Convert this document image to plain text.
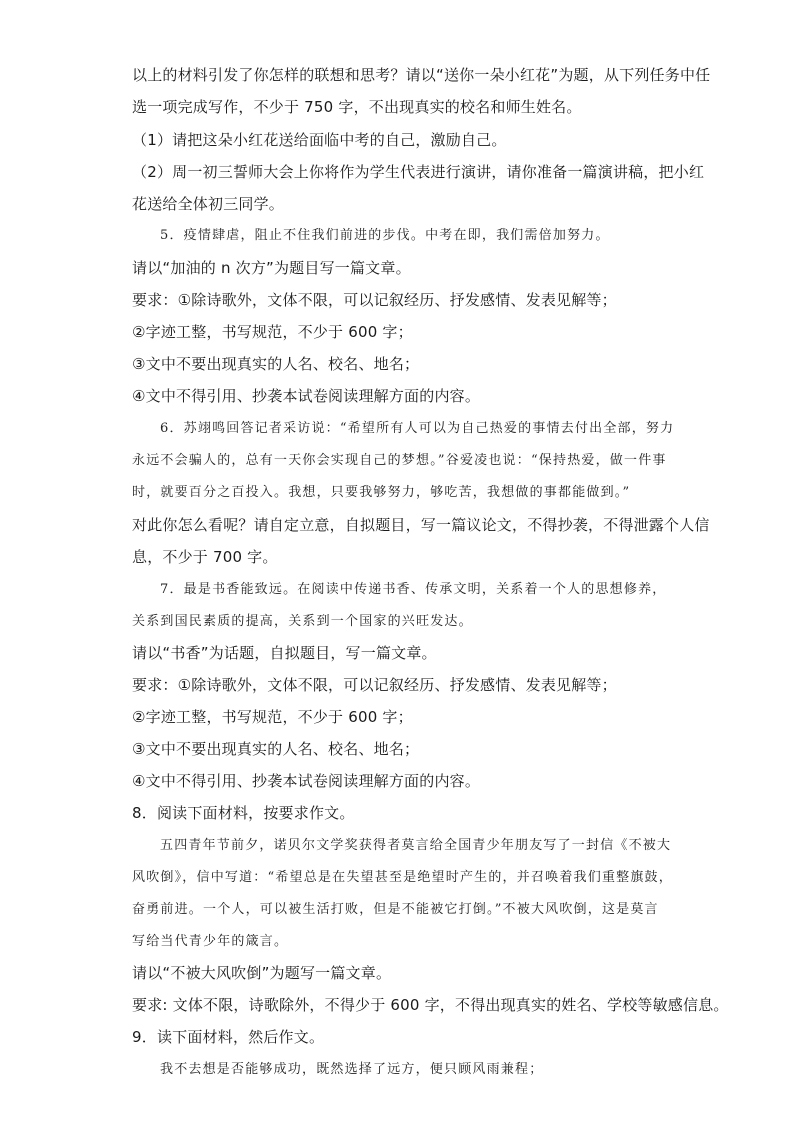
以上的材料引发了你怎样的联想和思考？请以“送你一朵小红花”为题，从下列任务中任
选一项完成写作，不少于 750 字，不出现真实的校名和师生姓名。
（1）请把这朵小红花送给面临中考的自己，激励自己。
（2）周一初三誓师大会上你将作为学生代表进行演讲，请你准备一篇演讲稿，把小红
花送给全体初三同学。
5．疫情肆虐，阻止不住我们前进的步伐。中考在即，我们需倍加努力。
请以“加油的 n 次方”为题目写一篇文章。
要求：①除诗歌外，文体不限，可以记叙经历、抒发感情、发表见解等；
②字迹工整，书写规范，不少于 600 字；
③文中不要出现真实的人名、校名、地名；
④文中不得引用、抄袭本试卷阅读理解方面的内容。
6．苏翊鸣回答记者采访说：“希望所有人可以为自己热爱的事情去付出全部，努力
永远不会骗人的，总有一天你会实现自己的梦想。”谷爱凌也说：“保持热爱，做一件事
时，就要百分之百投入。我想，只要我够努力，够吃苦，我想做的事都能做到。”
对此你怎么看呢？请自定立意，自拟题目，写一篇议论文，不得抄袭，不得泄露个人信
息，不少于 700 字。
7．最是书香能致远。在阅读中传递书香、传承文明，关系着一个人的思想修养，
关系到国民素质的提高，关系到一个国家的兴旺发达。
请以“书香”为话题，自拟题目，写一篇文章。
要求：①除诗歌外，文体不限，可以记叙经历、抒发感情、发表见解等；
②字迹工整，书写规范，不少于 600 字；
③文中不要出现真实的人名、校名、地名；
④文中不得引用、抄袭本试卷阅读理解方面的内容。
8．阅读下面材料，按要求作文。
五四青年节前夕，诺贝尔文学奖获得者莫言给全国青少年朋友写了一封信《不被大
风吹倒》，信中写道：“希望总是在失望甚至是绝望时产生的，并召唤着我们重整旗鼓，
奋勇前进。一个人，可以被生活打败，但是不能被它打倒。”不被大风吹倒，这是莫言
写给当代青少年的箴言。
请以“不被大风吹倒”为题写一篇文章。
要求: 文体不限，诗歌除外，不得少于 600 字，不得出现真实的姓名、学校等敏感信息。
9．读下面材料，然后作文。
我不去想是否能够成功，既然选择了远方，便只顾风雨兼程；
